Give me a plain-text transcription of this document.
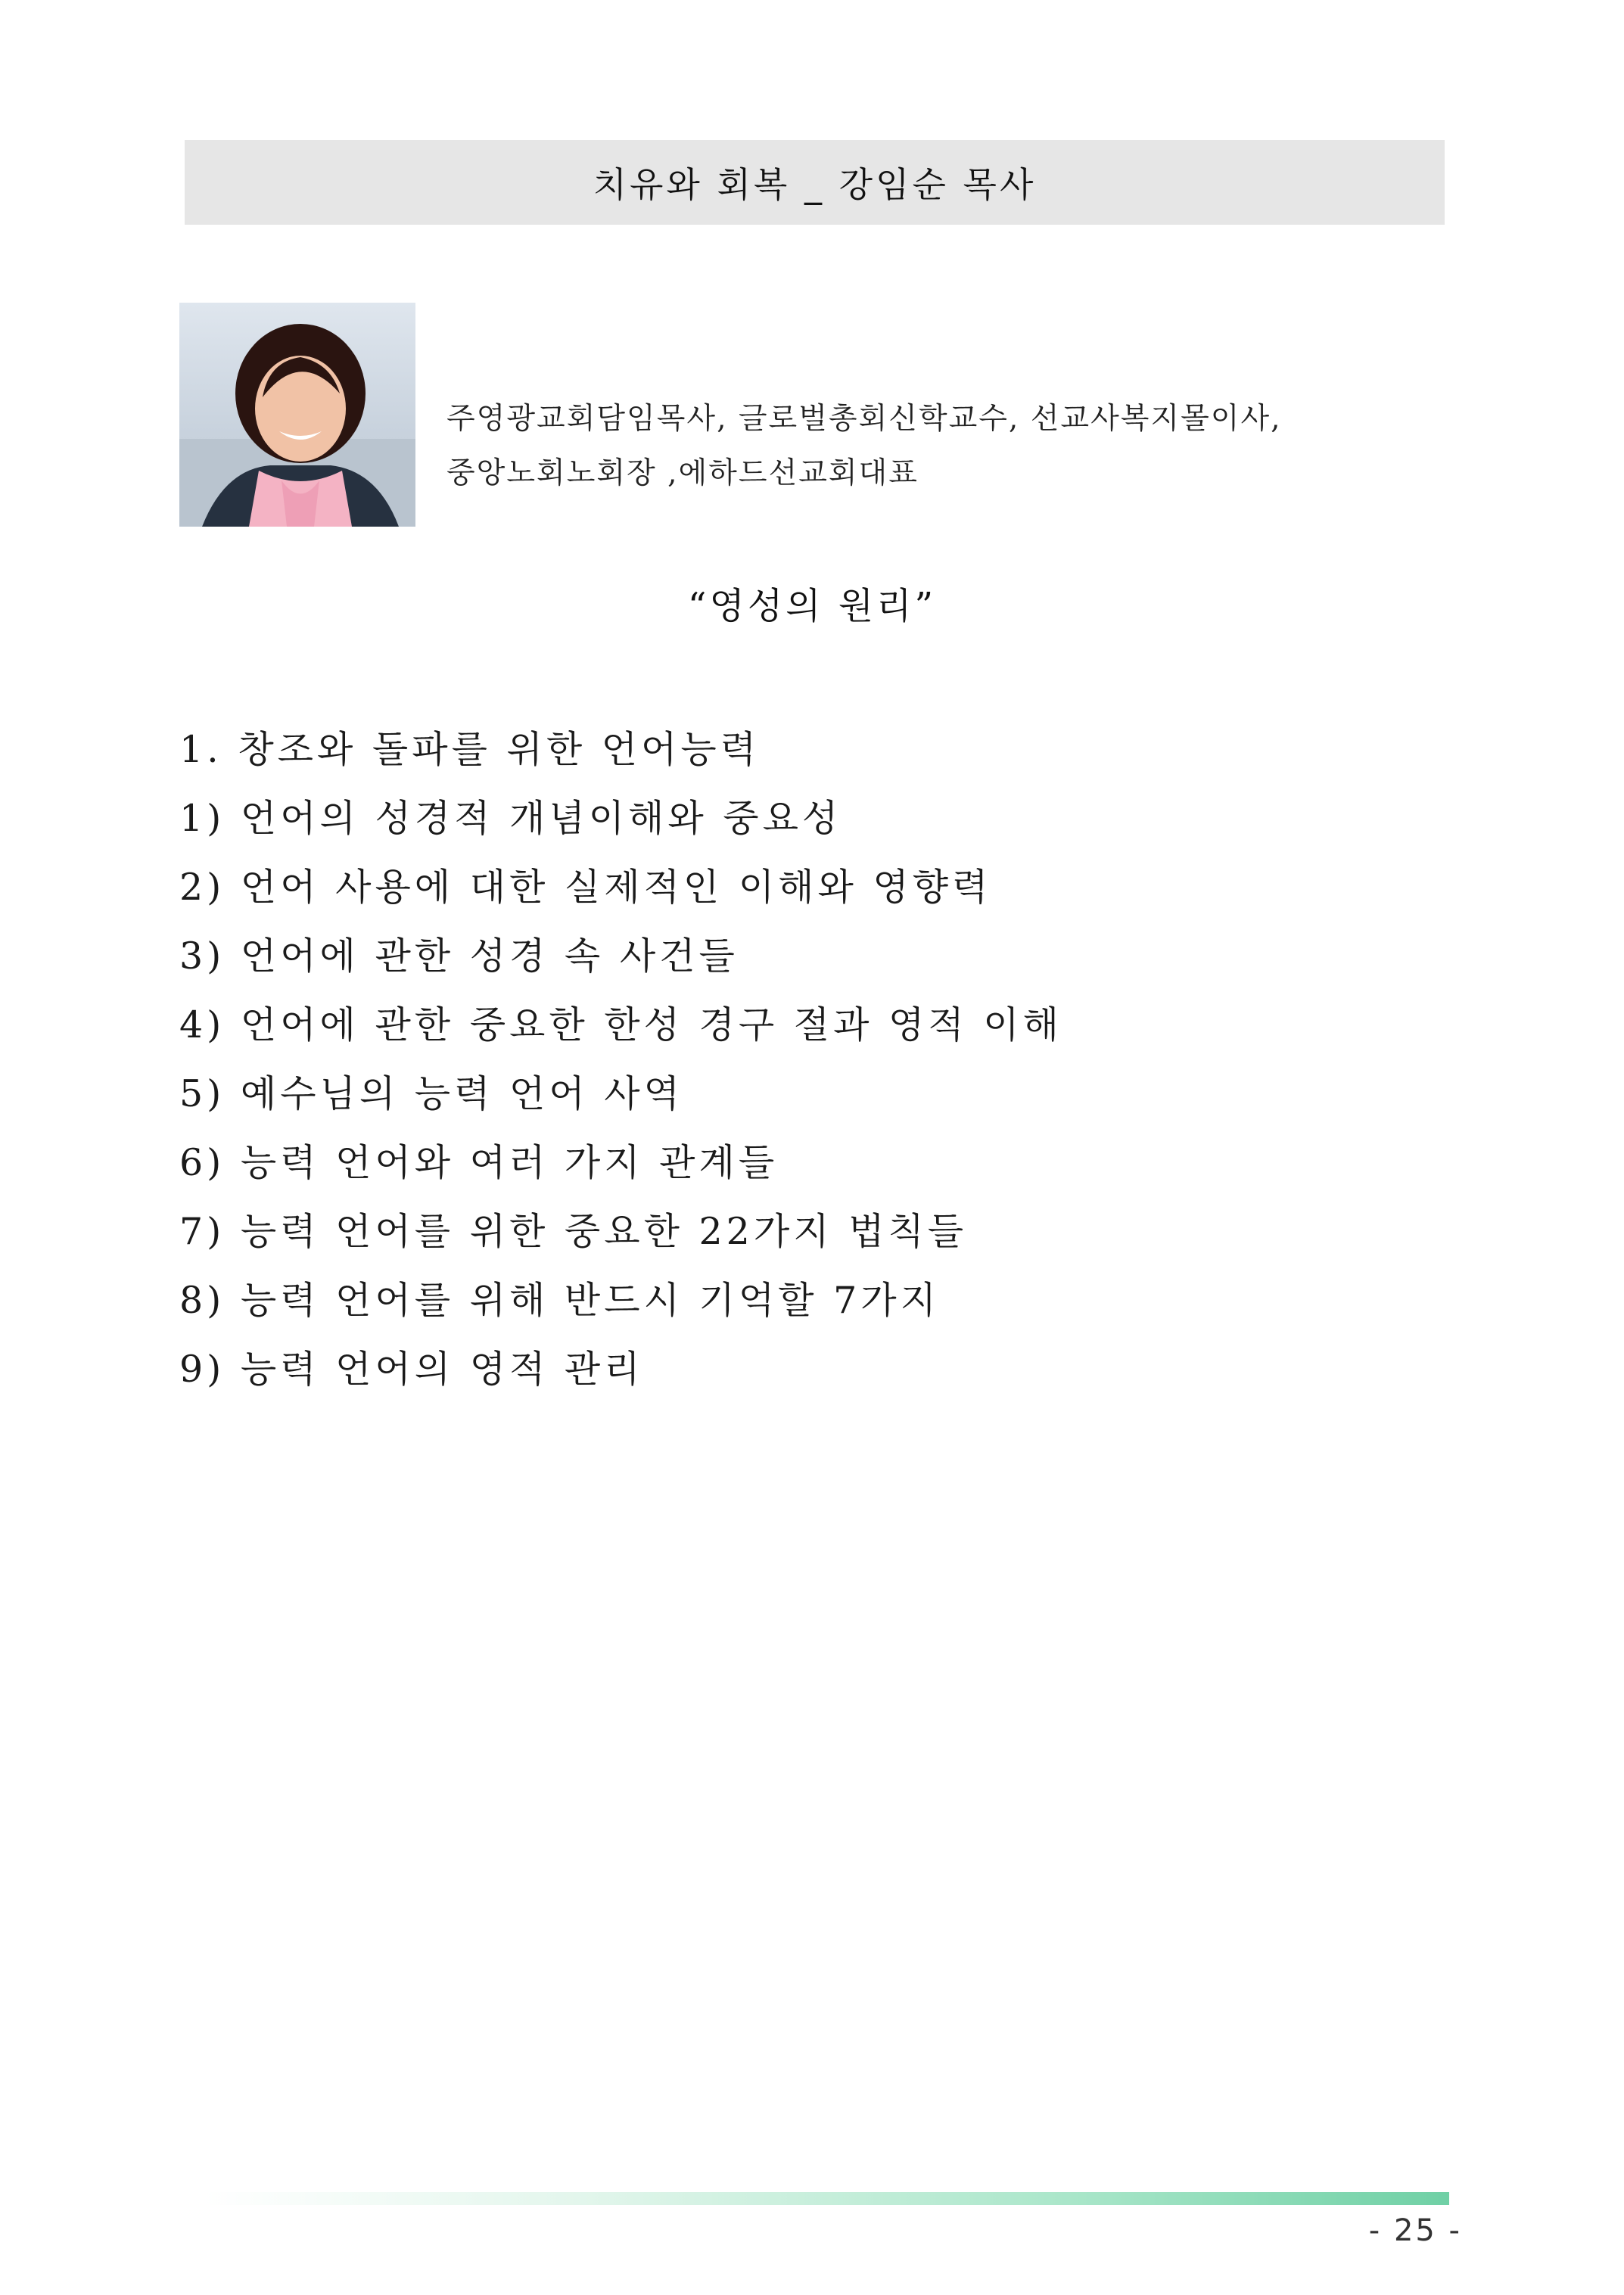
치유와 회복 _ 강임순 목사
주영광교회담임목사, 글로벌총회신학교수, 선교사복지몰이사,
중앙노회노회장 ,에하드선교회대표
“영성의 원리”
1. 창조와 돌파를 위한 언어능력
1) 언어의 성경적 개념이해와 중요성
2) 언어 사용에 대한 실제적인 이해와 영향력
3) 언어에 관한 성경 속 사건들
4) 언어에 관한 중요한 한성 경구 절과 영적 이해
5) 예수님의 능력 언어 사역
6) 능력 언어와 여러 가지 관계들
7) 능력 언어를 위한 중요한 22가지 법칙들
8) 능력 언어를 위해 반드시 기억할 7가지
9) 능력 언어의 영적 관리
- 25 -
